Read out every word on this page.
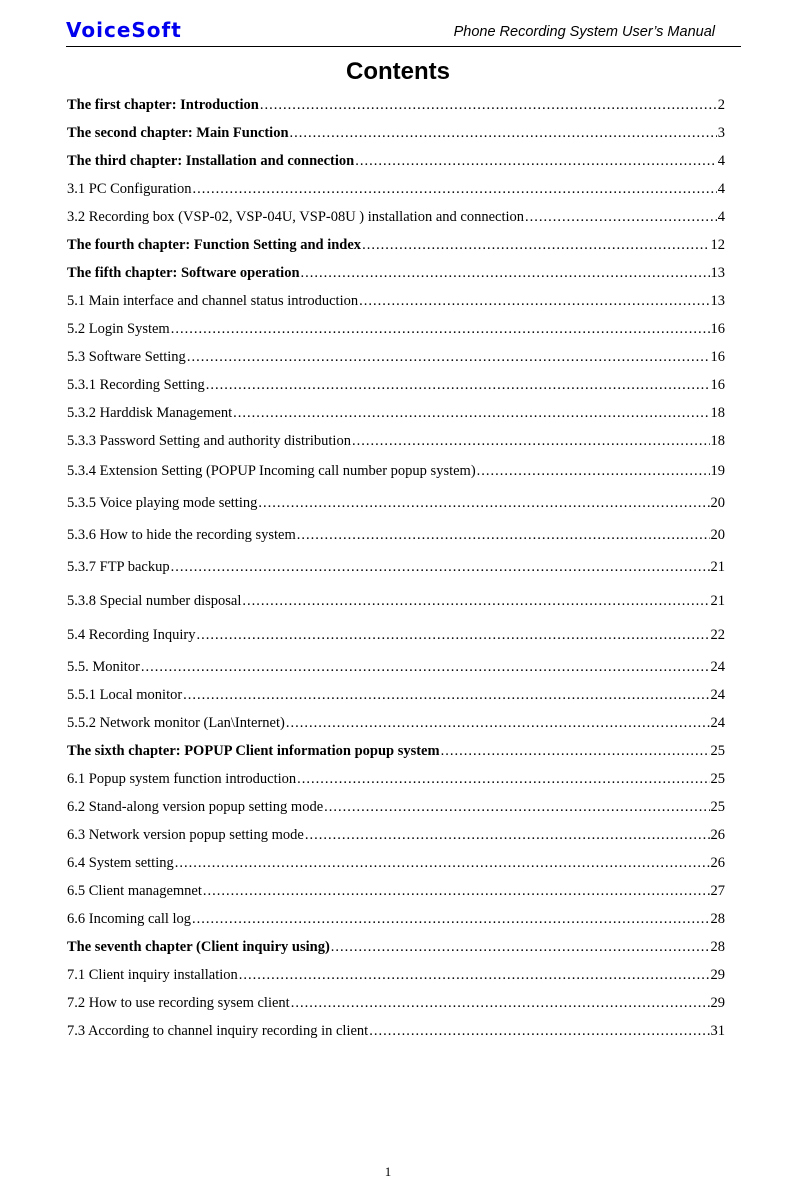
VoiceSoft	Phone Recording System User’s Manual
Contents
The first chapter: Introduction .....	2
The second chapter: Main Function .....	3
The third chapter: Installation and connection .....	4
3.1 PC Configuration .....	4
3.2 Recording box (VSP-02, VSP-04U, VSP-08U ) installation and connection .....	4
The fourth chapter: Function Setting and index .....	12
The fifth chapter: Software operation .....	13
5.1 Main interface and channel status introduction .....	13
5.2 Login System .....	16
5.3 Software Setting .....	16
5.3.1 Recording Setting .....	16
5.3.2 Harddisk Management .....	18
5.3.3 Password Setting and authority distribution .....	18
5.3.4 Extension Setting (POPUP Incoming call number popup system) .....	19
5.3.5 Voice playing mode setting .....	20
5.3.6 How to hide the recording system .....	20
5.3.7 FTP backup .....	21
5.3.8 Special number disposal .....	21
5.4 Recording Inquiry .....	22
5.5. Monitor .....	24
5.5.1 Local monitor .....	24
5.5.2 Network monitor (Lan\Internet) .....	24
The sixth chapter: POPUP Client information popup system .....	25
6.1 Popup system function introduction .....	25
6.2 Stand-along version popup setting mode .....	25
6.3 Network version popup setting mode .....	26
6.4 System setting .....	26
6.5 Client managemnet .....	27
6.6 Incoming call log .....	28
The seventh chapter (Client inquiry using) .....	28
7.1 Client inquiry installation .....	29
7.2 How to use recording sysem client .....	29
7.3 According to channel inquiry recording in client .....	31
1
